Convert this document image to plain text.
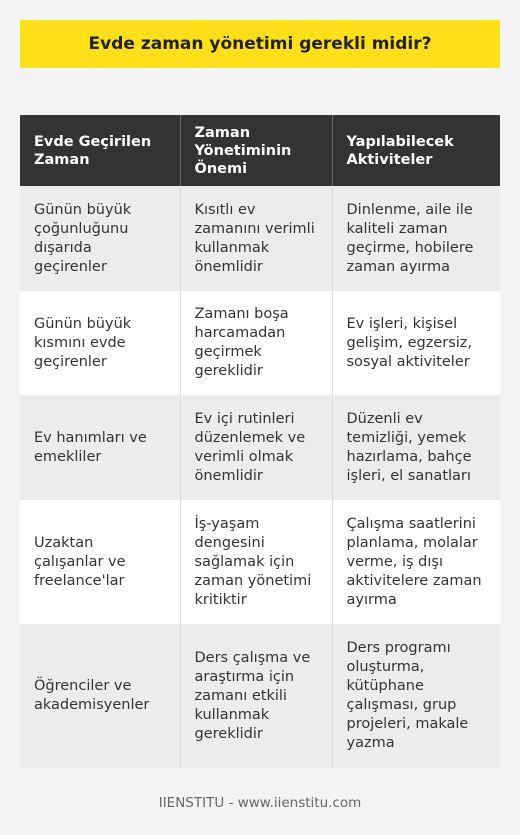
Evde zaman yönetimi gerekli midir?
Evde Geçirilen Zaman	Zaman Yönetiminin Önemi	Yapılabilecek Aktiviteler
Günün büyük çoğunluğunu dışarıda geçirenler	Kısıtlı ev zamanını verimli kullanmak önemlidir	Dinlenme, aile ile kaliteli zaman geçirme, hobilere zaman ayırma
Günün büyük kısmını evde geçirenler	Zamanı boşa harcamadan geçirmek gereklidir	Ev işleri, kişisel gelişim, egzersiz, sosyal aktiviteler
Ev hanımları ve emekliler	Ev içi rutinleri düzenlemek ve verimli olmak önemlidir	Düzenli ev temizliği, yemek hazırlama, bahçe işleri, el sanatları
Uzaktan çalışanlar ve freelance'lar	İş-yaşam dengesini sağlamak için zaman yönetimi kritiktir	Çalışma saatlerini planlama, molalar verme, iş dışı aktivitelere zaman ayırma
Öğrenciler ve akademisyenler	Ders çalışma ve araştırma için zamanı etkili kullanmak gereklidir	Ders programı oluşturma, kütüphane çalışması, grup projeleri, makale yazma
IIENSTITU - www.iienstitu.com
